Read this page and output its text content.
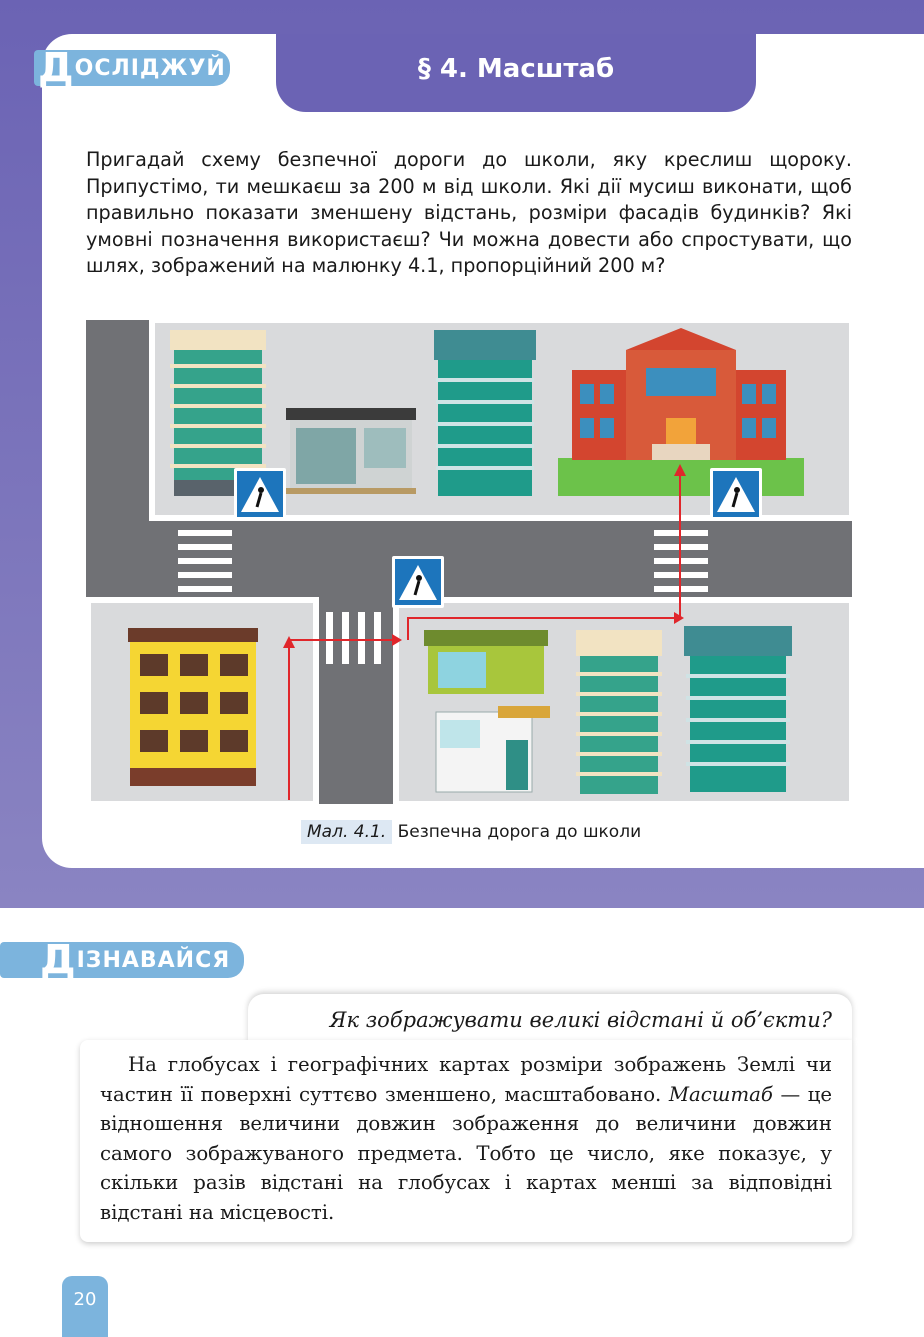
§ 4. Масштаб
ДОСЛІДЖУЙ

Пригадай схему безпечної дороги до школи, яку креслиш щороку. Припустімо, ти мешкаєш за 200 м від школи. Які дії мусиш виконати, щоб правильно показати зменшену відстань, розміри фасадів будинків? Які умовні позначення використаєш? Чи можна довести або спростувати, що шлях, зображений на малюнку 4.1, пропорційний 200 м?

Мал. 4.1. Безпечна дорога до школи
ДІЗНАВАЙСЯ

Як зображувати великі відстані й об’єкти?

На глобусах і географічних картах розміри зображень Землі чи частин її поверхні суттєво зменшено, масштабовано. Масштаб — це відношення величини довжин зображення до величини довжин самого зображуваного предмета. Тобто це число, яке показує, у скільки разів відстані на глобусах і картах менші за відповідні відстані на місцевості.

20
